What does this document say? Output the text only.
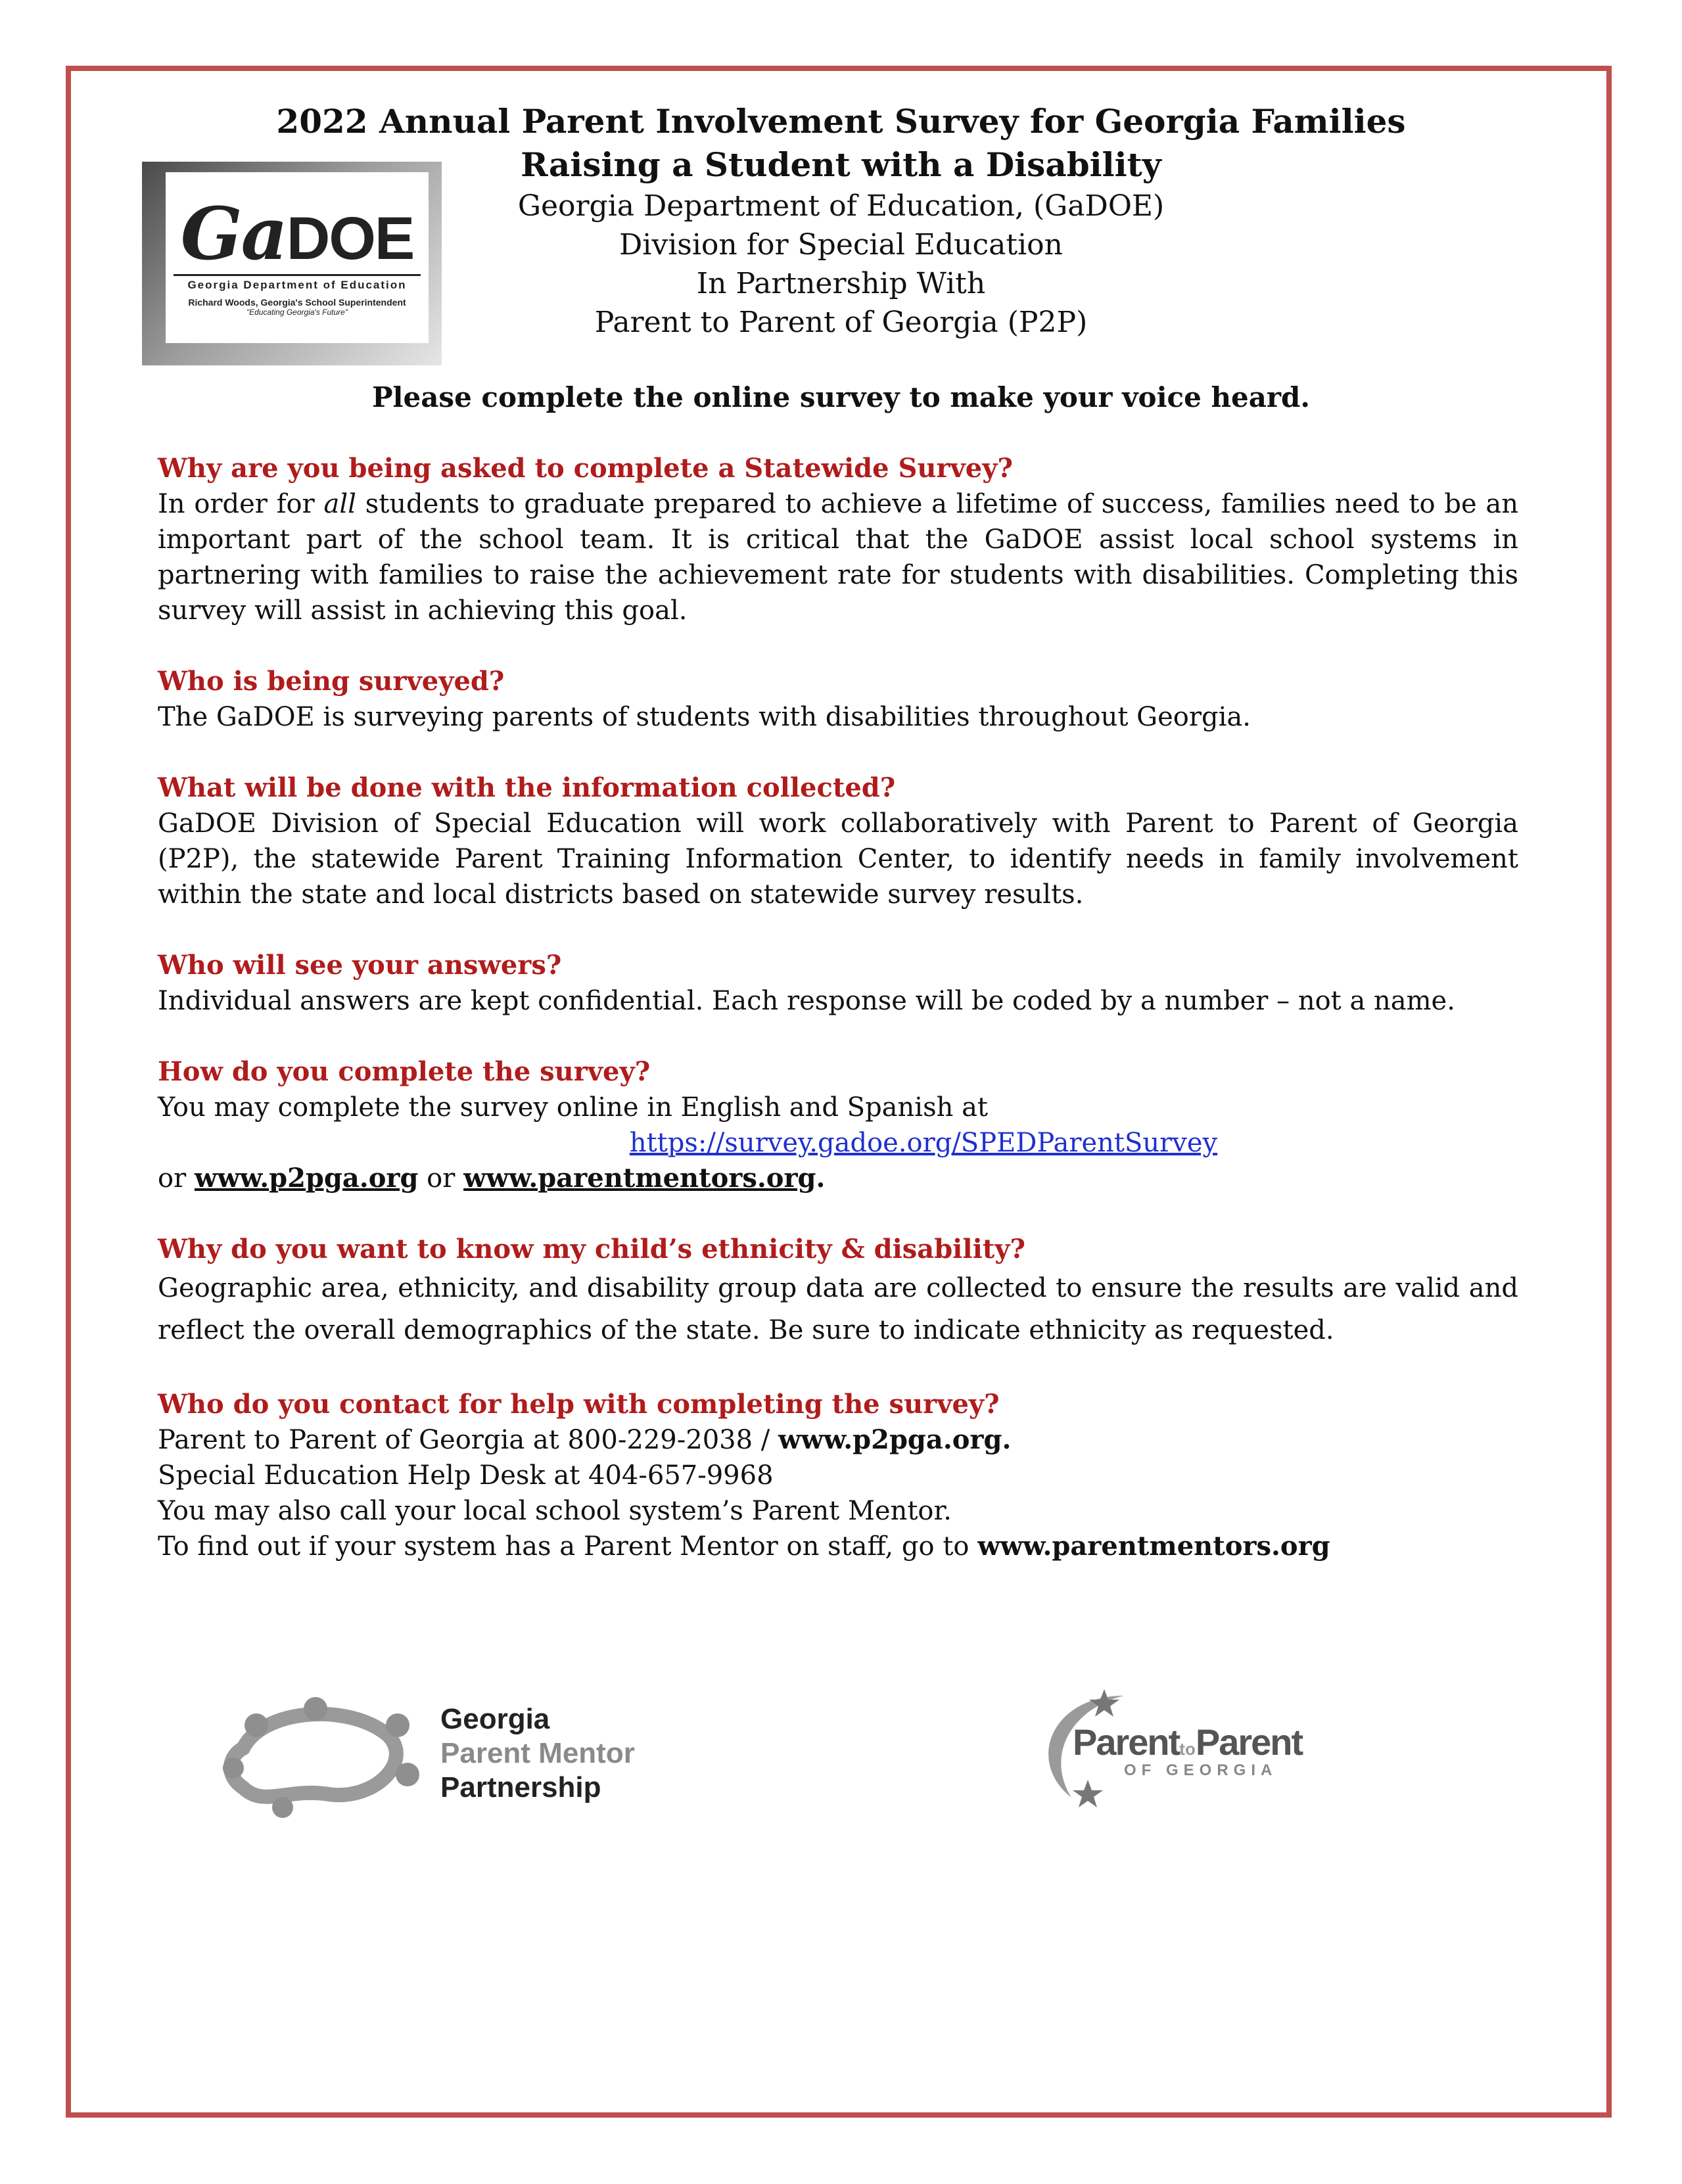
2022 Annual Parent Involvement Survey for Georgia Families

Raising a Student with a Disability

Georgia Department of Education, (GaDOE)

Division for Special Education

In Partnership With

Parent to Parent of Georgia (P2P)

GaDOE
Georgia Department of Education
Richard Woods, Georgia's School Superintendent
"Educating Georgia's Future"
Please complete the online survey to make your voice heard.

Why are you being asked to complete a Statewide Survey?

In order for all students to graduate prepared to achieve a lifetime of success, families need to be an important part of the school team. It is critical that the GaDOE assist local school systems in partnering with families to raise the achievement rate for students with disabilities. Completing this survey will assist in achieving this goal.

Who is being surveyed?

The GaDOE is surveying parents of students with disabilities throughout Georgia.

What will be done with the information collected?

GaDOE Division of Special Education will work collaboratively with Parent to Parent of Georgia (P2P), the statewide Parent Training Information Center, to identify needs in family involvement within the state and local districts based on statewide survey results.

Who will see your answers?

Individual answers are kept confidential. Each response will be coded by a number – not a name.

How do you complete the survey?

You may complete the survey online in English and Spanish at

https://survey.gadoe.org/SPEDParentSurvey

or www.p2pga.org or www.parentmentors.org.

Why do you want to know my child’s ethnicity & disability?

Geographic area, ethnicity, and disability group data are collected to ensure the results are valid and reflect the overall demographics of the state. Be sure to indicate ethnicity as requested.

Who do you contact for help with completing the survey?

Parent to Parent of Georgia at 800-229-2038 / www.p2pga.org.

Special Education Help Desk at 404-657-9968

You may also call your local school system’s Parent Mentor.

To find out if your system has a Parent Mentor on staff, go to www.parentmentors.org

Georgia
Parent Mentor
Partnership
ParenttoParent
OF GEORGIA
